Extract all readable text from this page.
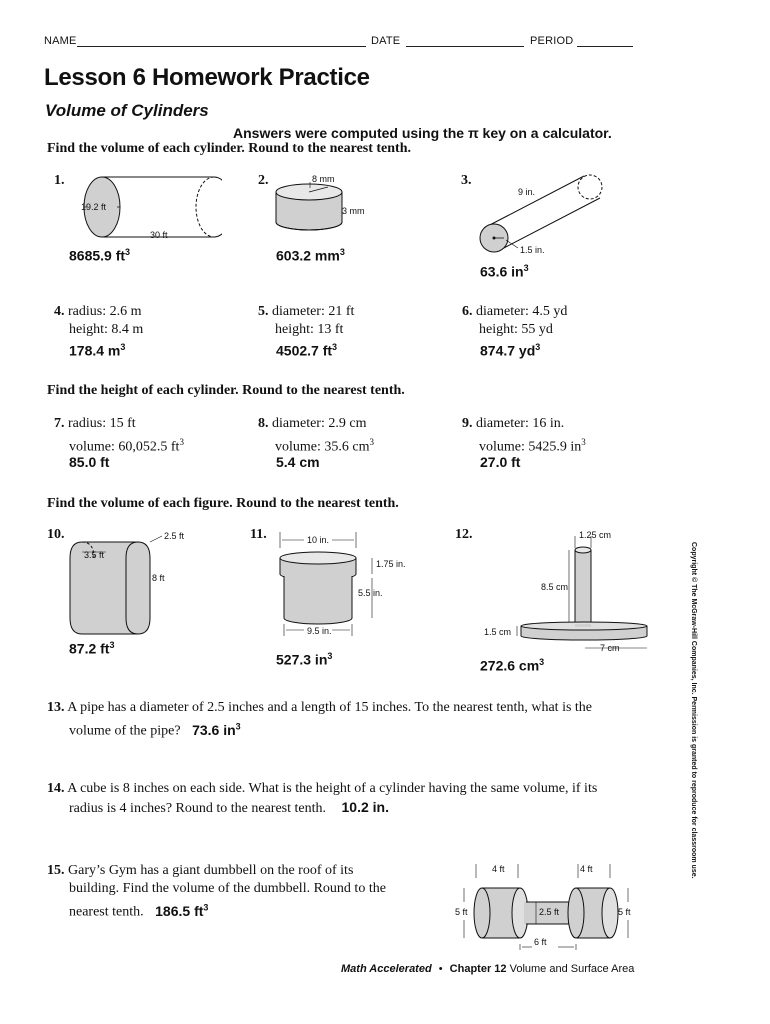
NAME	DATE	PERIOD
Lesson 6 Homework Practice
Volume of Cylinders
Answers were computed using the π key on a calculator.
Find the volume of each cylinder. Round to the nearest tenth.
1.
19.2 ft
30 ft
8685.9 $ft^3$
2.	8 mm
3 mm
603.2 $mm^3$
3.
9 in.
1.5 in.
63.6 $in^3$
4. radius: 2.6 m
height: 8.4 m
178.4 $m^3$
5. diameter: 21 ft
height: 13 ft
4502.7 $ft^3$
6. diameter: 4.5 yd
height: 55 yd
874.7 $yd^3$
Find the height of each cylinder. Round to the nearest tenth.
7. radius: 15 ft
volume: 60,052.5 $ft^3$
85.0 ft
8. diameter: 2.9 cm
volume: 35.6 $cm^3$
5.4 cm
9. diameter: 16 in.
volume: 5425.9 $in^3$
27.0 ft
Find the volume of each figure. Round to the nearest tenth.
10.	2.5 ft
3.5 ft
8 ft
87.2 $ft^3$
11.	10 in.
1.75 in.
5.5 in.
9.5 in.
527.3 $in^3$
12.	1.25 cm
8.5 cm
1.5 cm
7 cm
272.6 $cm^3$
13. A pipe has a diameter of 2.5 inches and a length of 15 inches. To the nearest tenth, what is the
volume of the pipe? 73.6 $in^3$
14. A cube is 8 inches on each side. What is the height of a cylinder having the same volume, if its
radius is 4 inches? Round to the nearest tenth. 10.2 in.
15. Gary’s Gym has a giant dumbbell on the roof of its
building. Find the volume of the dumbbell. Round to the
nearest tenth. 186.5 $ft^3$
4 ft	4 ft
5 ft	5 ft
2.5 ft
6 ft
Copyright © The McGraw-Hill Companies, Inc. Permission is granted to reproduce for classroom use.
Math Accelerated • Chapter 12 Volume and Surface Area
